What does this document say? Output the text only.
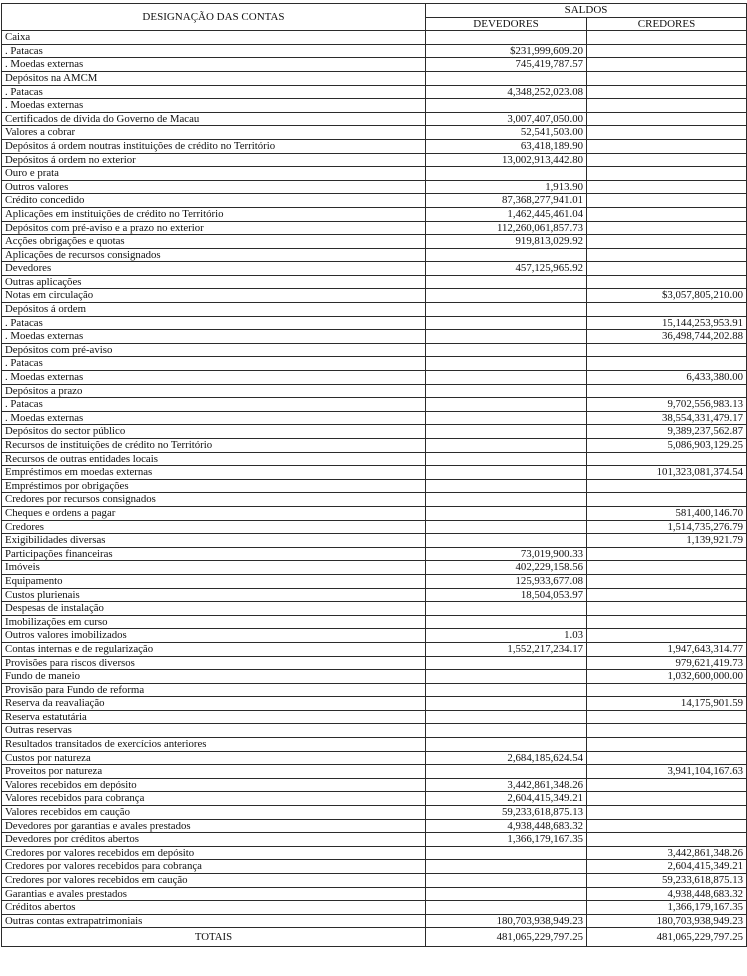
DESIGNAÇÃO DAS CONTAS	SALDOS	
	DEVEDORES	CREDORES
Caixa		
. Patacas	$231,999,609.20	
. Moedas externas	745,419,787.57	
Depósitos na AMCM		
. Patacas	4,348,252,023.08	
. Moedas externas		
Certificados de dívida do Governo de Macau	3,007,407,050.00	
Valores a cobrar	52,541,503.00	
Depósitos á ordem noutras instituições de crédito no Território	63,418,189.90	
Depósitos á ordem no exterior	13,002,913,442.80	
Ouro e prata		
Outros valores	1,913.90	
Crédito concedido	87,368,277,941.01	
Aplicações em instituições de crédito no Território	1,462,445,461.04	
Depósitos com pré-aviso e a prazo no exterior	112,260,061,857.73	
Acções obrigações e quotas	919,813,029.92	
Aplicações de recursos consignados		
Devedores	457,125,965.92	
Outras aplicações		
Notas em circulação		$3,057,805,210.00
Depósitos á ordem		
. Patacas		15,144,253,953.91
. Moedas externas		36,498,744,202.88
Depósitos com pré-aviso		
. Patacas		
. Moedas externas		6,433,380.00
Depósitos a prazo		
. Patacas		9,702,556,983.13
. Moedas externas		38,554,331,479.17
Depósitos do sector público		9,389,237,562.87
Recursos de instituições de crédito no Território		5,086,903,129.25
Recursos de outras entidades locais		
Empréstimos em moedas externas		101,323,081,374.54
Empréstimos por obrigações		
Credores por recursos consignados		
Cheques e ordens a pagar		581,400,146.70
Credores		1,514,735,276.79
Exigibilidades diversas		1,139,921.79
Participações financeiras	73,019,900.33	
Imóveis	402,229,158.56	
Equipamento	125,933,677.08	
Custos plurienais	18,504,053.97	
Despesas de instalação		
Imobilizações em curso		
Outros valores imobilizados	1.03	
Contas internas e de regularização	1,552,217,234.17	1,947,643,314.77
Provisões para riscos diversos		979,621,419.73
Fundo de maneio		1,032,600,000.00
Provisão para Fundo de reforma		
Reserva da reavaliação		14,175,901.59
Reserva estatutária		
Outras reservas		
Resultados transitados de exercícios anteriores		
Custos por natureza	2,684,185,624.54	
Proveitos por natureza		3,941,104,167.63
Valores recebidos em depósito	3,442,861,348.26	
Valores recebidos para cobrança	2,604,415,349.21	
Valores recebidos em caução	59,233,618,875.13	
Devedores por garantias e avales prestados	4,938,448,683.32	
Devedores por créditos abertos	1,366,179,167.35	
Credores por valores recebidos em depósito		3,442,861,348.26
Credores por valores recebidos para cobrança		2,604,415,349.21
Credores por valores recebidos em caução		59,233,618,875.13
Garantias e avales prestados		4,938,448,683.32
Créditos abertos		1,366,179,167.35
Outras contas extrapatrimoniais	180,703,938,949.23	180,703,938,949.23
TOTAIS	481,065,229,797.25	481,065,229,797.25
